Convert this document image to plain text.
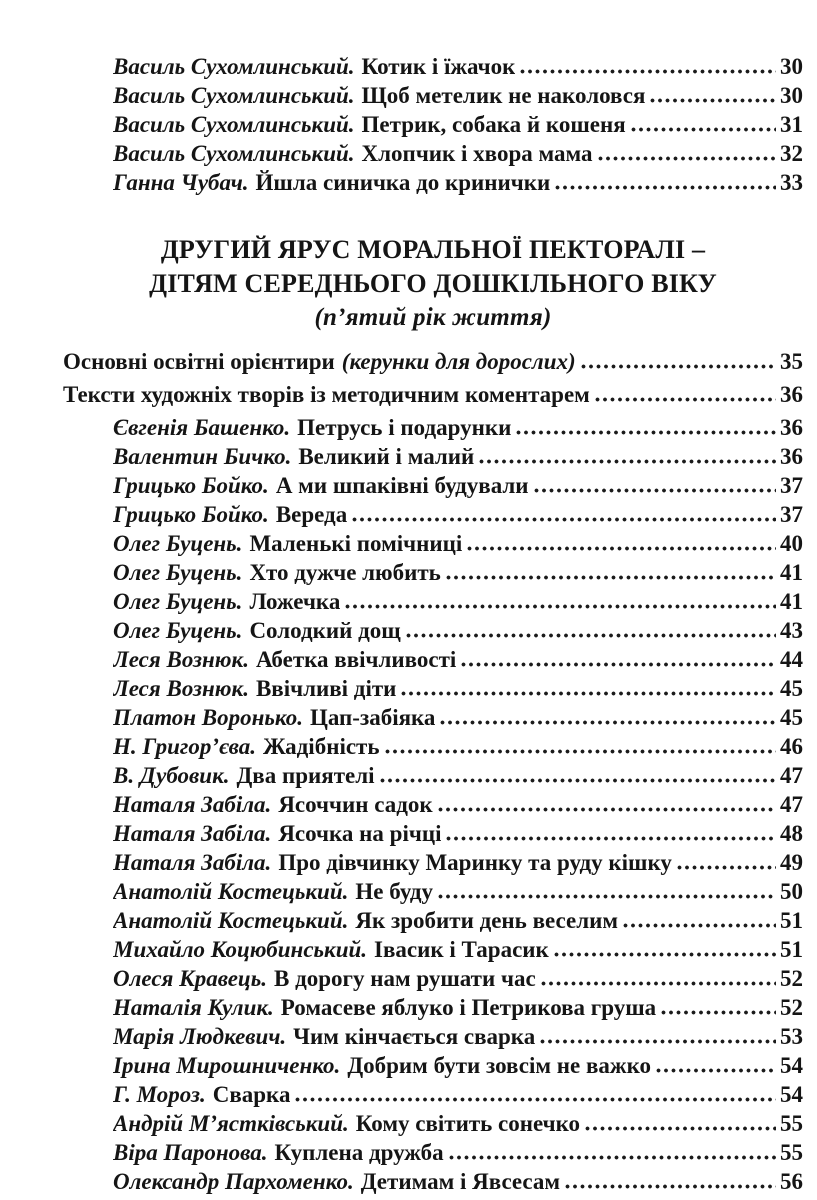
Василь Сухомлинський. Котик і їжачок	30
Василь Сухомлинський. Щоб метелик не наколовся	30
Василь Сухомлинський. Петрик, собака й кошеня	31
Василь Сухомлинський. Хлопчик і хвора мама	32
Ганна Чубач. Йшла синичка до кринички	33
ДРУГИЙ ЯРУС МОРАЛЬНОЇ ПЕКТОРАЛІ –
ДІТЯМ СЕРЕДНЬОГО ДОШКІЛЬНОГО ВІКУ
(п’ятий рік життя)
Основні освітні орієнтири (керунки для дорослих)	35
Тексти художніх творів із методичним коментарем	36
Євгенія Башенко. Петрусь і подарунки	36
Валентин Бичко. Великий і малий	36
Грицько Бойко. А ми шпаківні будували	37
Грицько Бойко. Вереда	37
Олег Буцень. Маленькі помічниці	40
Олег Буцень. Хто дужче любить	41
Олег Буцень. Ложечка	41
Олег Буцень. Солодкий дощ	43
Леся Вознюк. Абетка ввічливості	44
Леся Вознюк. Ввічливі діти	45
Платон Воронько. Цап-забіяка	45
Н. Григор’єва. Жадібність	46
В. Дубовик. Два приятелі	47
Наталя Забіла. Ясоччин садок	47
Наталя Забіла. Ясочка на річці	48
Наталя Забіла. Про дівчинку Маринку та руду кішку	49
Анатолій Костецький. Не буду	50
Анатолій Костецький. Як зробити день веселим	51
Михайло Коцюбинський. Івасик і Тарасик	51
Олеся Кравець. В дорогу нам рушати час	52
Наталія Кулик. Ромасеве яблуко і Петрикова груша	52
Марія Людкевич. Чим кінчається сварка	53
Ірина Мирошниченко. Добрим бути зовсім не важко	54
Г. Мороз. Сварка	54
Андрій М’ястківський. Кому світить сонечко	55
Віра Паронова. Куплена дружба	55
Олександр Пархоменко. Детимам і Явсесам	56
